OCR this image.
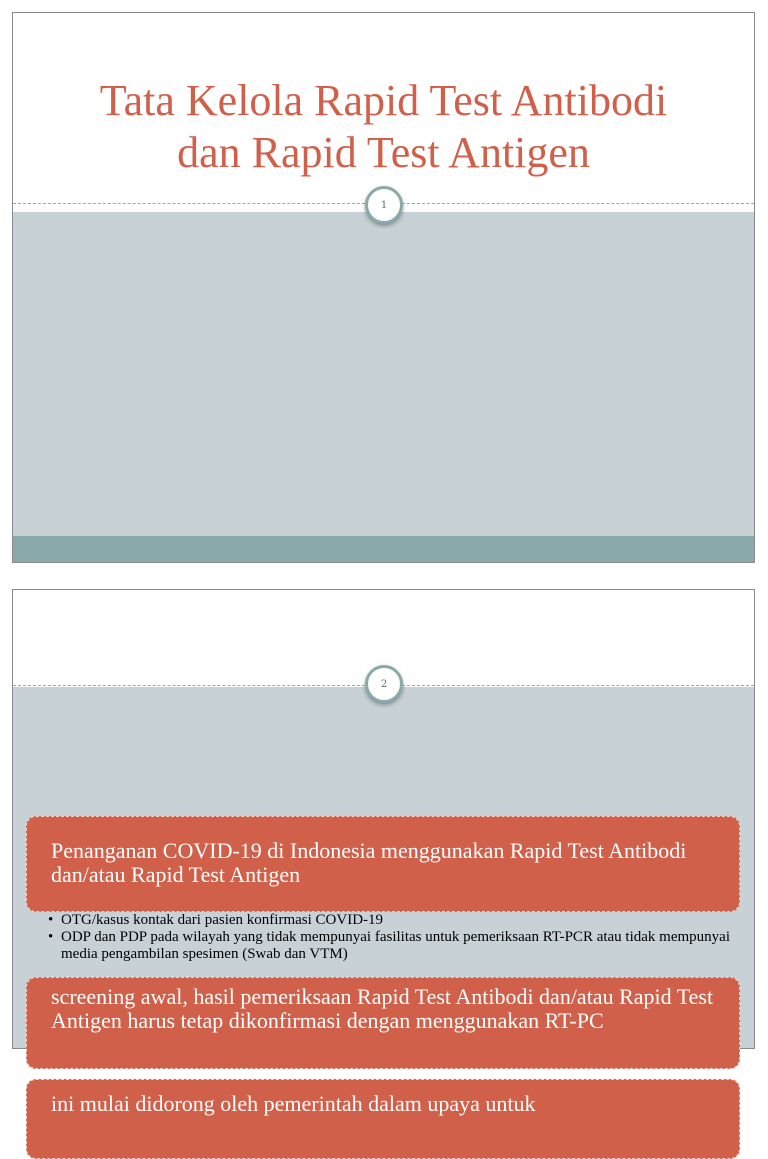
Tata Kelola Rapid Test Antibodi
dan Rapid Test Antigen
1
Penanganan COVID-19 di Indonesia menggunakan Rapid Test Antibodi dan/atau Rapid Test Antigen
• OTG/kasus kontak dari pasien konfirmasi COVID-19
• ODP dan PDP pada wilayah yang tidak mempunyai fasilitas untuk pemeriksaan RT-PCR atau tidak mempunyai media pengambilan spesimen (Swab dan VTM)
screening awal, hasil pemeriksaan Rapid Test Antibodi dan/atau Rapid Test Antigen harus tetap dikonfirmasi dengan menggunakan RT-PC
ini mulai didorong oleh pemerintah dalam upaya untuk
2
